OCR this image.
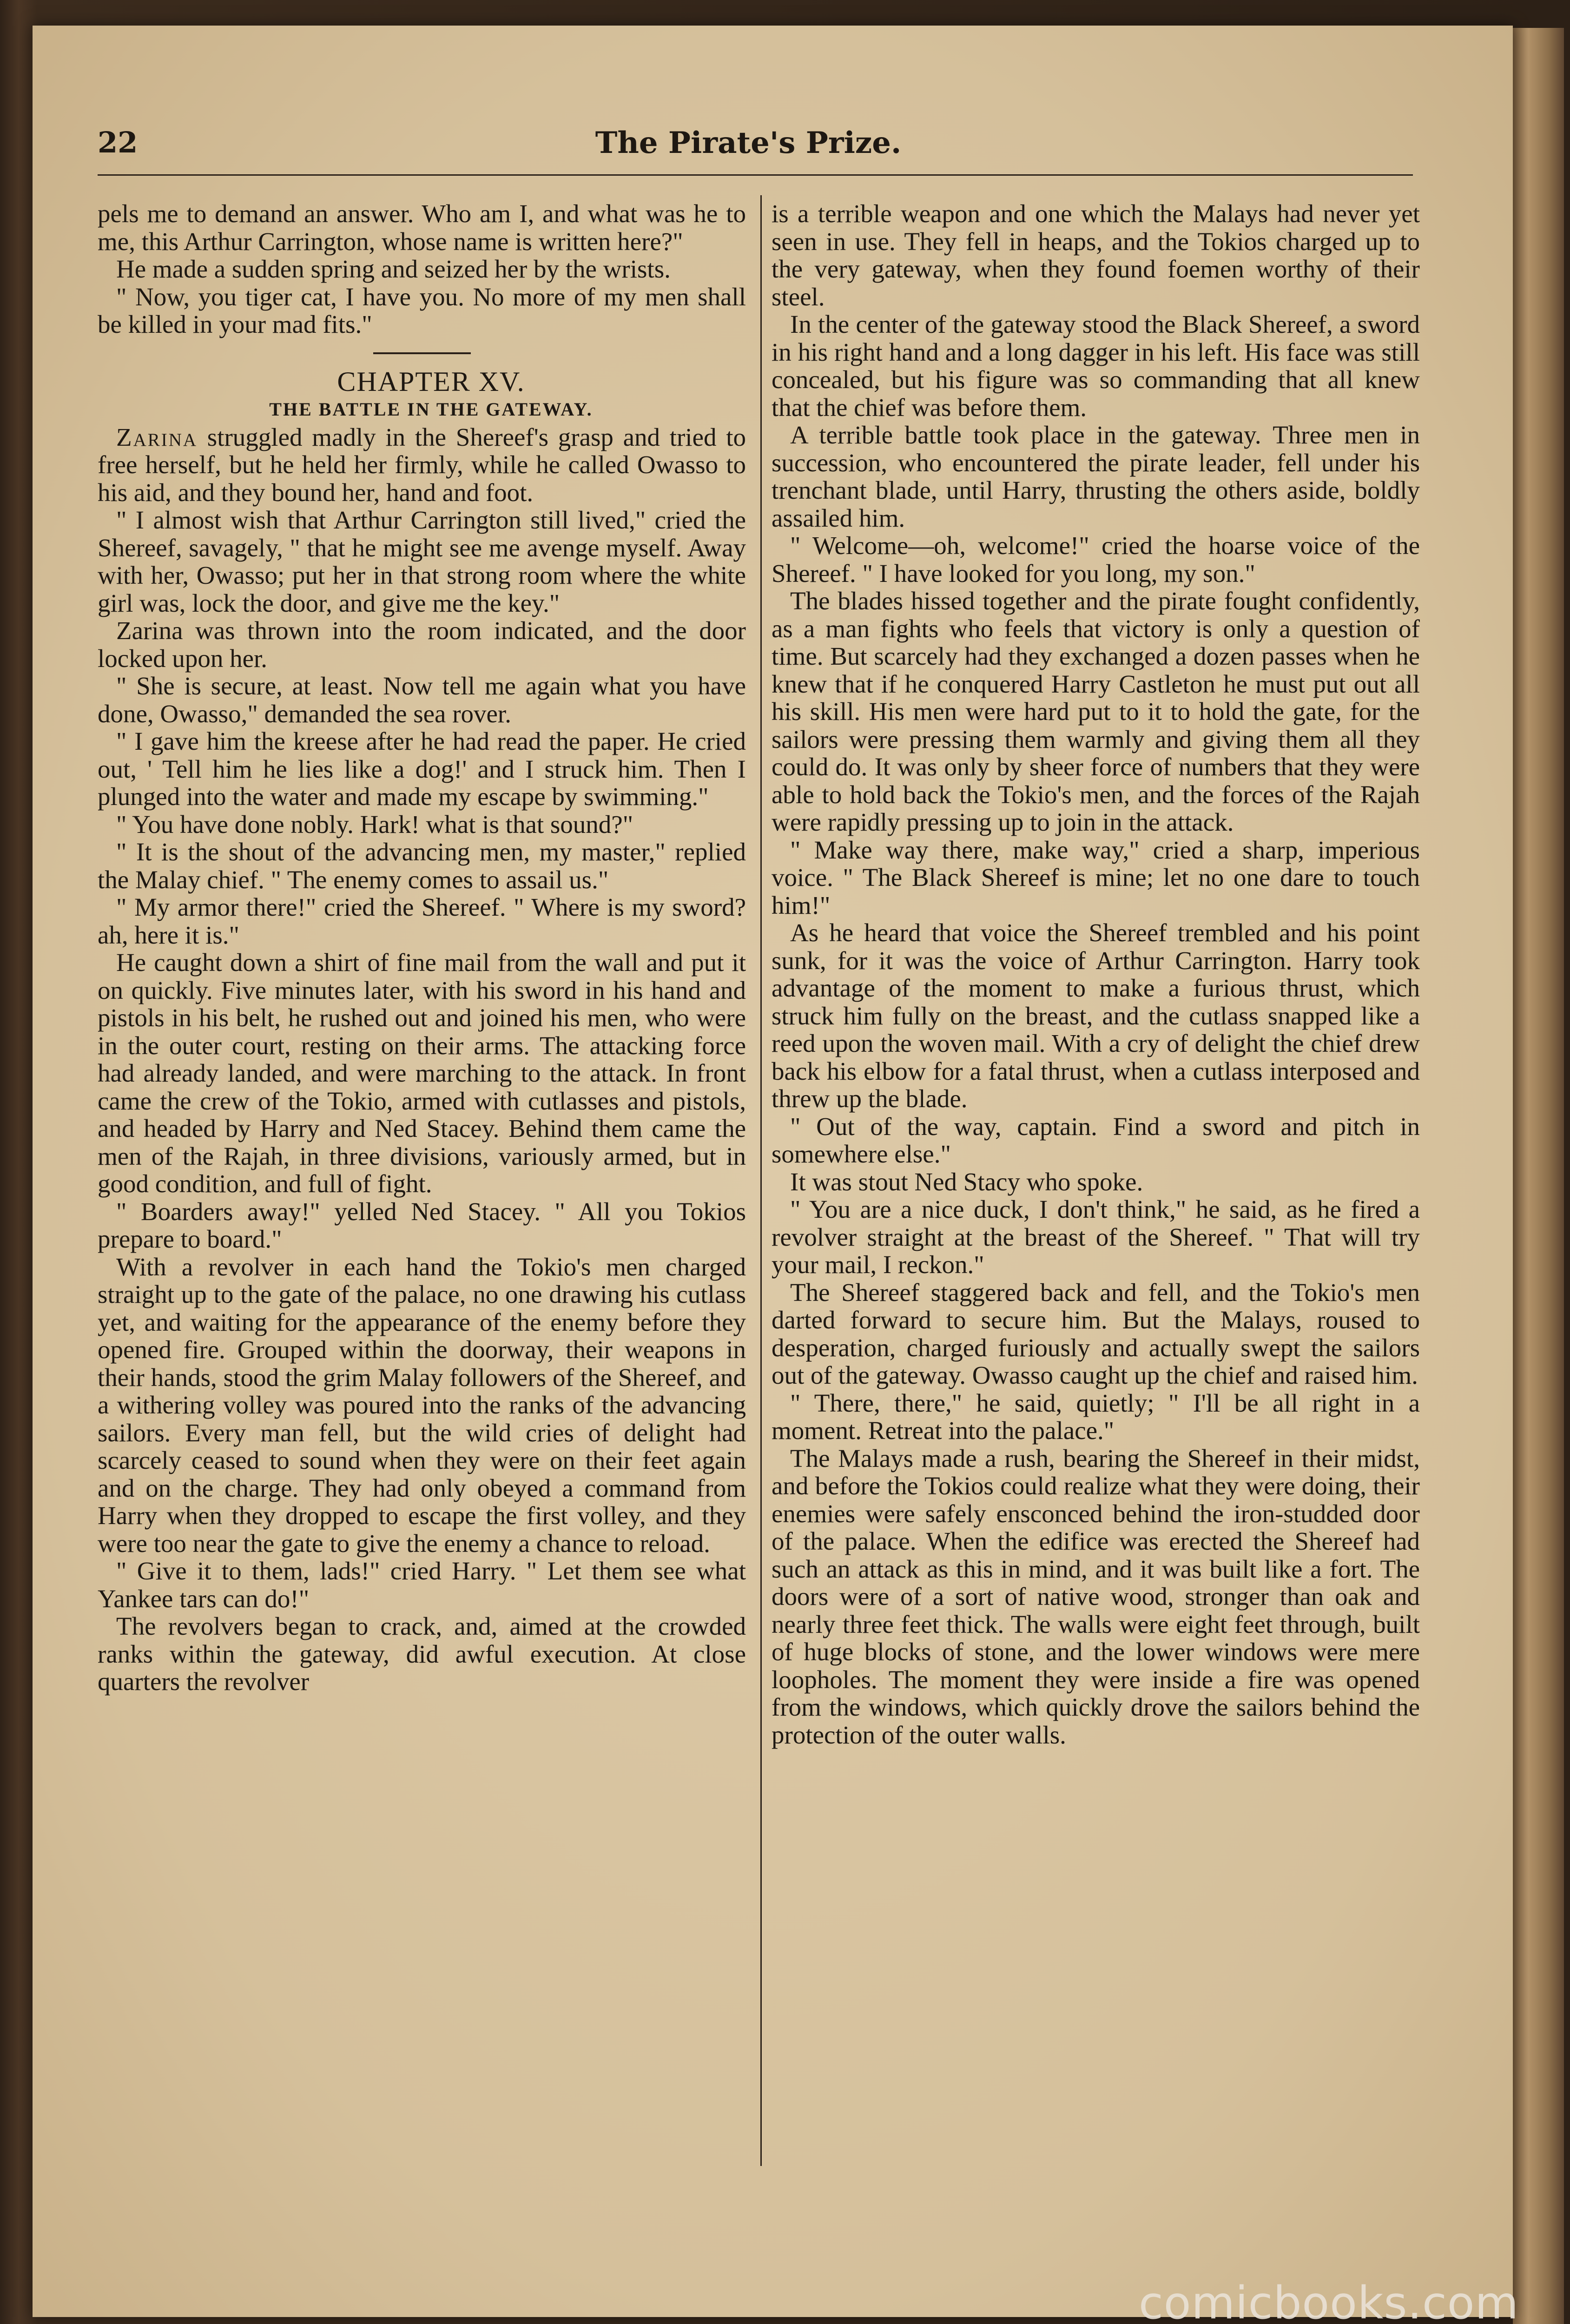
22	The Pirate's Prize.

pels me to demand an answer. Who am I, and what was he to me, this Arthur Carrington, whose name is written here?"

He made a sudden spring and seized her by the wrists.

" Now, you tiger cat, I have you. No more of my men shall be killed in your mad fits."

CHAPTER XV.

THE BATTLE IN THE GATEWAY.

Zarina struggled madly in the Shereef's grasp and tried to free herself, but he held her firmly, while he called Owasso to his aid, and they bound her, hand and foot.

" I almost wish that Arthur Carrington still lived," cried the Shereef, savagely, " that he might see me avenge myself. Away with her, Owasso; put her in that strong room where the white girl was, lock the door, and give me the key."

Zarina was thrown into the room indicated, and the door locked upon her.

" She is secure, at least. Now tell me again what you have done, Owasso," demanded the sea rover.

" I gave him the kreese after he had read the paper. He cried out, ' Tell him he lies like a dog!' and I struck him. Then I plunged into the water and made my escape by swimming."

" You have done nobly. Hark! what is that sound?"

" It is the shout of the advancing men, my master," replied the Malay chief. " The enemy comes to assail us."

" My armor there!" cried the Shereef. " Where is my sword? ah, here it is."

He caught down a shirt of fine mail from the wall and put it on quickly. Five minutes later, with his sword in his hand and pistols in his belt, he rushed out and joined his men, who were in the outer court, resting on their arms. The attacking force had already landed, and were marching to the attack. In front came the crew of the Tokio, armed with cutlasses and pistols, and headed by Harry and Ned Stacey. Behind them came the men of the Rajah, in three divisions, variously armed, but in good condition, and full of fight.

" Boarders away!" yelled Ned Stacey. " All you Tokios prepare to board."

With a revolver in each hand the Tokio's men charged straight up to the gate of the palace, no one drawing his cutlass yet, and waiting for the appearance of the enemy before they opened fire. Grouped within the doorway, their weapons in their hands, stood the grim Malay followers of the Shereef, and a withering volley was poured into the ranks of the advancing sailors. Every man fell, but the wild cries of delight had scarcely ceased to sound when they were on their feet again and on the charge. They had only obeyed a command from Harry when they dropped to escape the first volley, and they were too near the gate to give the enemy a chance to reload.

" Give it to them, lads!" cried Harry. " Let them see what Yankee tars can do!"

The revolvers began to crack, and, aimed at the crowded ranks within the gateway, did awful execution. At close quarters the revolver

is a terrible weapon and one which the Malays had never yet seen in use. They fell in heaps, and the Tokios charged up to the very gateway, when they found foemen worthy of their steel.

In the center of the gateway stood the Black Shereef, a sword in his right hand and a long dagger in his left. His face was still concealed, but his figure was so commanding that all knew that the chief was before them.

A terrible battle took place in the gateway. Three men in succession, who encountered the pirate leader, fell under his trenchant blade, until Harry, thrusting the others aside, boldly assailed him.

" Welcome—oh, welcome!" cried the hoarse voice of the Shereef. " I have looked for you long, my son."

The blades hissed together and the pirate fought confidently, as a man fights who feels that victory is only a question of time. But scarcely had they exchanged a dozen passes when he knew that if he conquered Harry Castleton he must put out all his skill. His men were hard put to it to hold the gate, for the sailors were pressing them warmly and giving them all they could do. It was only by sheer force of numbers that they were able to hold back the Tokio's men, and the forces of the Rajah were rapidly pressing up to join in the attack.

" Make way there, make way," cried a sharp, imperious voice. " The Black Shereef is mine; let no one dare to touch him!"

As he heard that voice the Shereef trembled and his point sunk, for it was the voice of Arthur Carrington. Harry took advantage of the moment to make a furious thrust, which struck him fully on the breast, and the cutlass snapped like a reed upon the woven mail. With a cry of delight the chief drew back his elbow for a fatal thrust, when a cutlass interposed and threw up the blade.

" Out of the way, captain. Find a sword and pitch in somewhere else."

It was stout Ned Stacy who spoke.

" You are a nice duck, I don't think," he said, as he fired a revolver straight at the breast of the Shereef. " That will try your mail, I reckon."

The Shereef staggered back and fell, and the Tokio's men darted forward to secure him. But the Malays, roused to desperation, charged furiously and actually swept the sailors out of the gateway. Owasso caught up the chief and raised him.

" There, there," he said, quietly; " I'll be all right in a moment. Retreat into the palace."

The Malays made a rush, bearing the Shereef in their midst, and before the Tokios could realize what they were doing, their enemies were safely ensconced behind the iron-studded door of the palace. When the edifice was erected the Shereef had such an attack as this in mind, and it was built like a fort. The doors were of a sort of native wood, stronger than oak and nearly three feet thick. The walls were eight feet through, built of huge blocks of stone, and the lower windows were mere loopholes. The moment they were inside a fire was opened from the windows, which quickly drove the sailors behind the protection of the outer walls.

comicbooks.com
